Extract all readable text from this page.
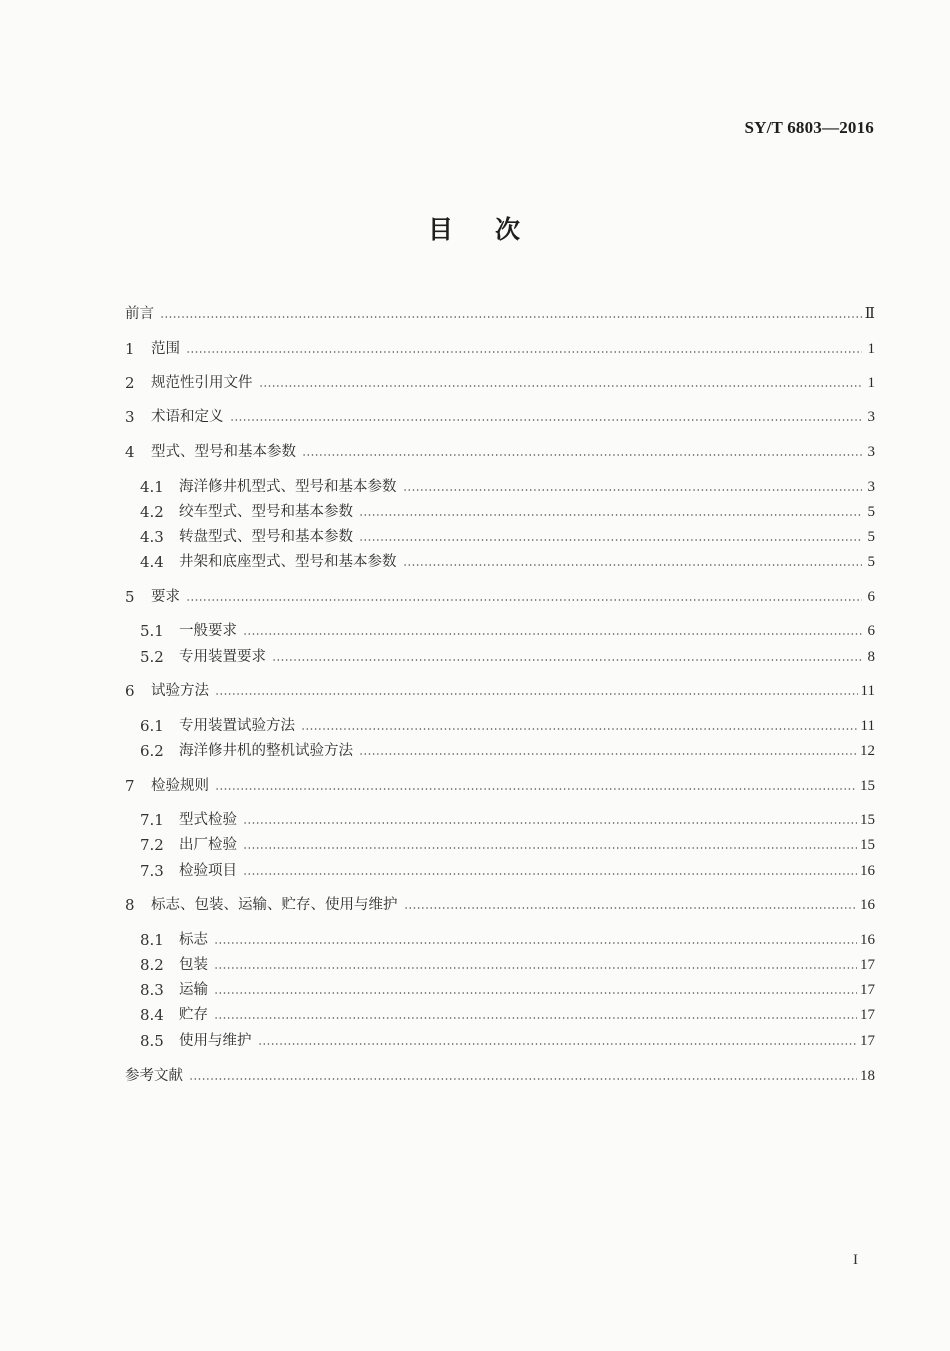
SY/T 6803—2016
目次
前言	Ⅱ
1	范围	1
2	规范性引用文件	1
3	术语和定义	3
4	型式、型号和基本参数	3
4.1	海洋修井机型式、型号和基本参数	3
4.2	绞车型式、型号和基本参数	5
4.3	转盘型式、型号和基本参数	5
4.4	井架和底座型式、型号和基本参数	5
5	要求	6
5.1	一般要求	6
5.2	专用装置要求	8
6	试验方法	11
6.1	专用装置试验方法	11
6.2	海洋修井机的整机试验方法	12
7	检验规则	15
7.1	型式检验	15
7.2	出厂检验	15
7.3	检验项目	16
8	标志、包装、运输、贮存、使用与维护	16
8.1	标志	16
8.2	包装	17
8.3	运输	17
8.4	贮存	17
8.5	使用与维护	17
参考文献	18
I
